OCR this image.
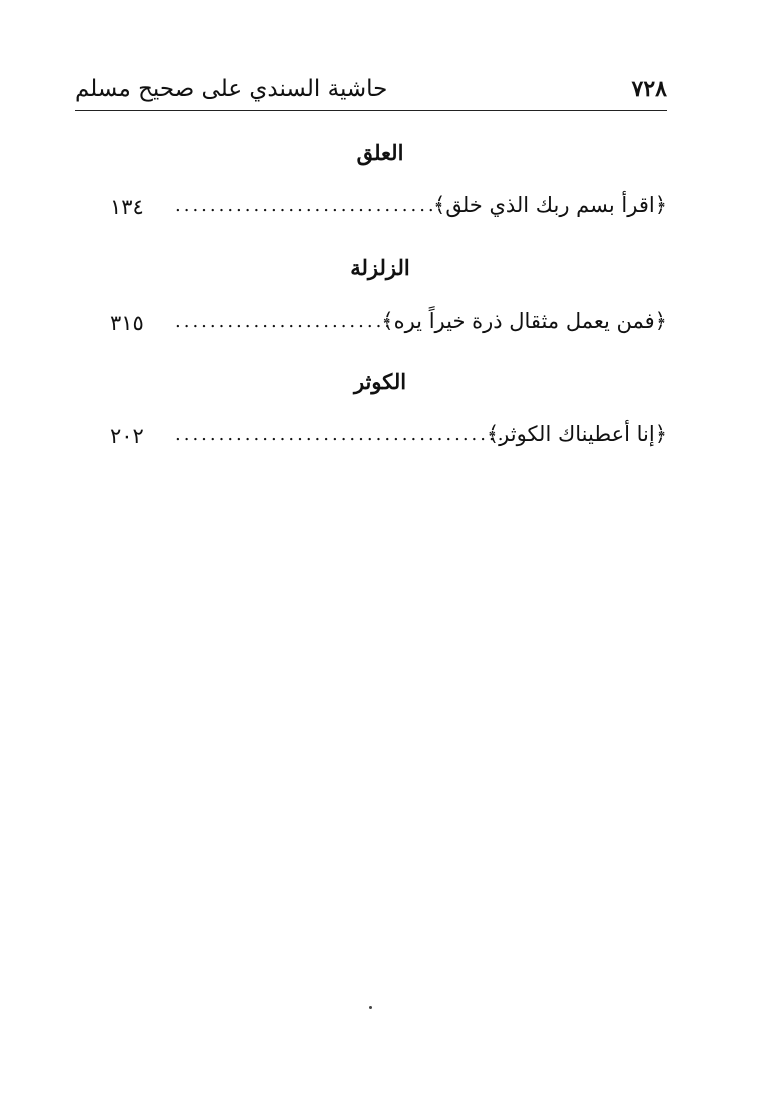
٧٢٨
حاشية السندي على صحيح مسلم
العلق
﴿اقرأ بسم ربك الذي خلق﴾
..............................
١٣٤
الزلزلة
﴿فمن يعمل مثقال ذرة خيراً يره﴾
.........................
٣١٥
الكوثر
﴿إنا أعطيناك الكوثر﴾
......................................
٢٠٢
